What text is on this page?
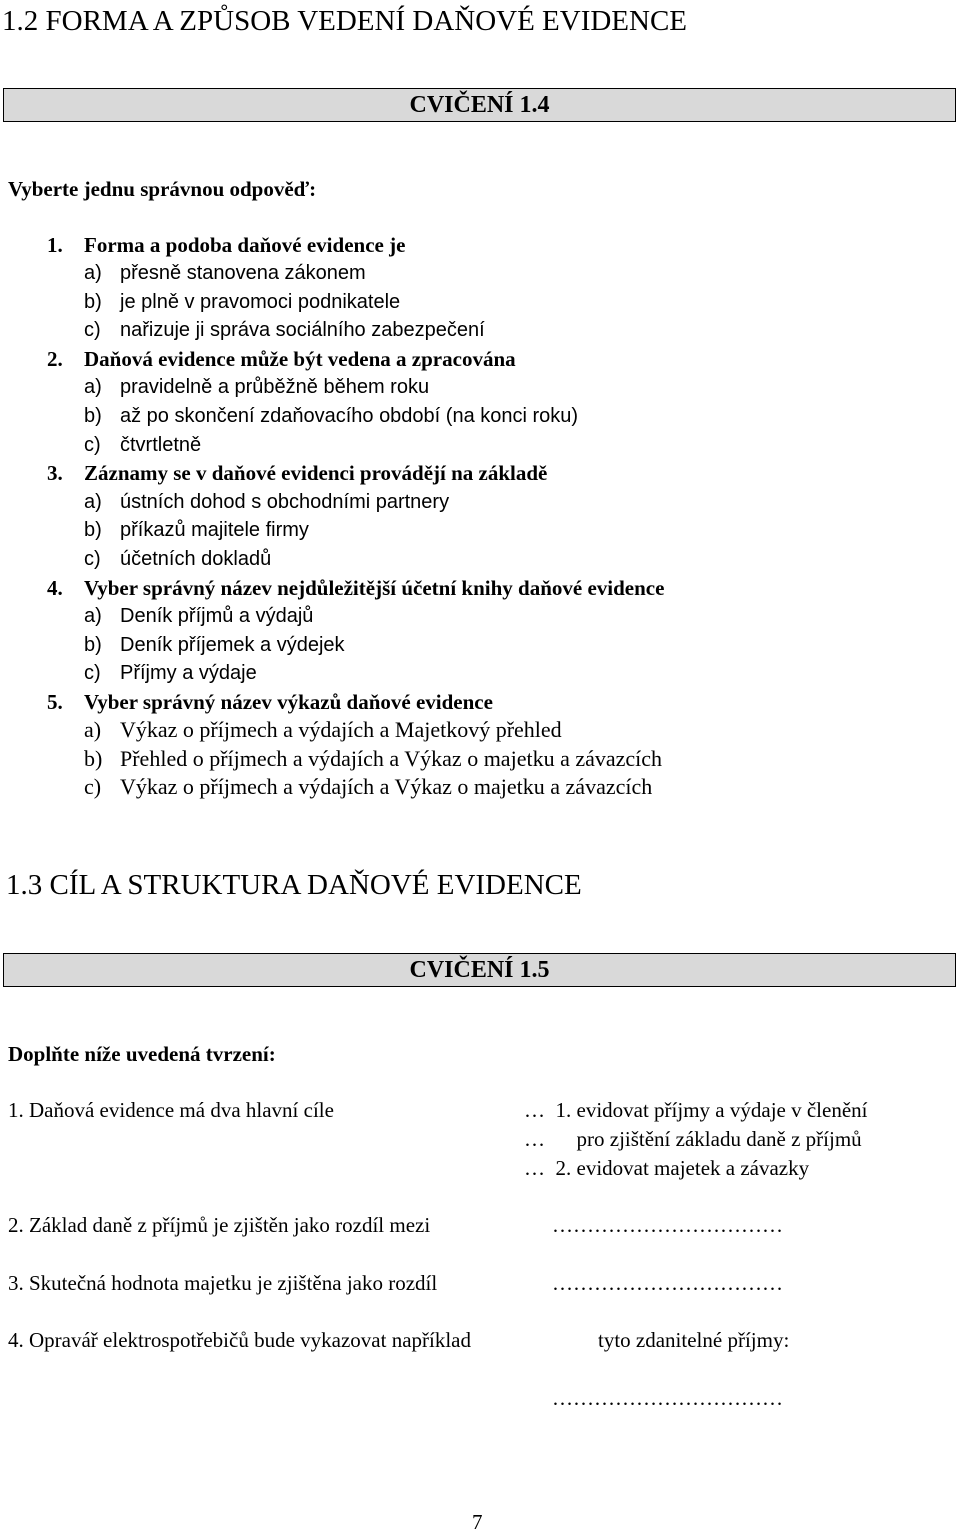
1.2 FORMA A ZPŮSOB VEDENÍ DAŇOVÉ EVIDENCE
CVIČENÍ 1.4
Vyberte jednu správnou odpověď:
1. Forma a podoba daňové evidence je
a) přesně stanovena zákonem
b) je plně v pravomoci podnikatele
c) nařizuje ji správa sociálního zabezpečení
2. Daňová evidence může být vedena a zpracována
a) pravidelně a průběžně během roku
b) až po skončení zdaňovacího období (na konci roku)
c) čtvrtletně
3. Záznamy se v daňové evidenci provádějí na základě
a) ústních dohod s obchodními partnery
b) příkazů majitele firmy
c) účetních dokladů
4. Vyber správný název nejdůležitější účetní knihy daňové evidence
a) Deník příjmů a výdajů
b) Deník příjemek a výdejek
c) Příjmy a výdaje
5. Vyber správný název výkazů daňové evidence
a) Výkaz o příjmech a výdajích a Majetkový přehled
b) Přehled o příjmech a výdajích a Výkaz o majetku a závazcích
c) Výkaz o příjmech a výdajích a Výkaz o majetku a závazcích
1.3 CÍL A STRUKTURA DAŇOVÉ EVIDENCE
CVIČENÍ 1.5
Doplňte níže uvedená tvrzení:
1. Daňová evidence má dva hlavní cíle	…  1. evidovat příjmy a výdaje v členění
…      pro zjištění základu daně z příjmů
…  2. evidovat majetek a závazky
2. Základ daně z příjmů je zjištěn jako rozdíl mezi	……………………………
3. Skutečná hodnota majetku je zjištěna jako rozdíl	……………………………
4. Opravář elektrospotřebičů bude vykazovat například	tyto zdanitelné příjmy:
……………………………
7
